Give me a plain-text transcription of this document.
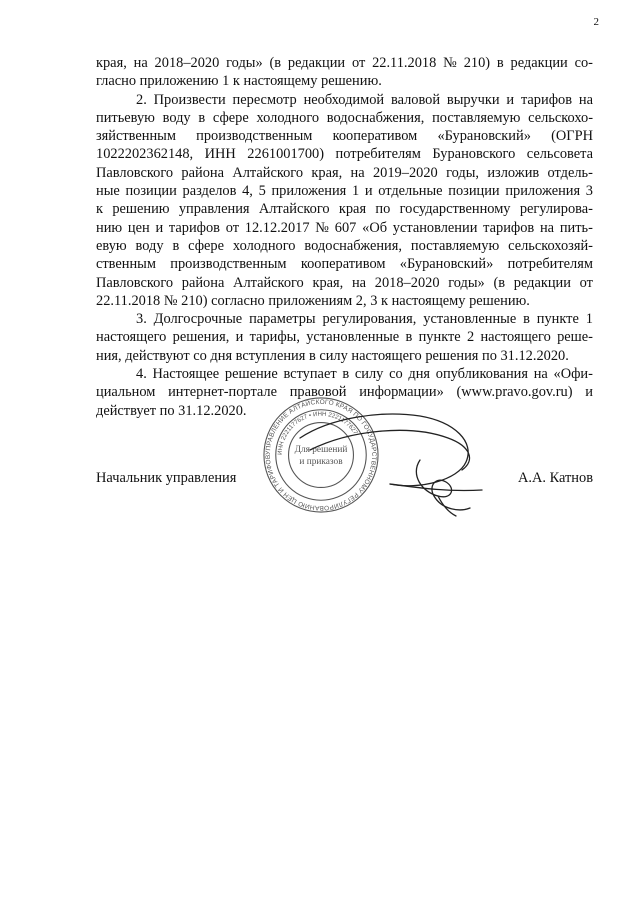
2
края, на 2018–2020 годы» (в редакции от 22.11.2018 № 210) в редакции со-
гласно приложению 1 к настоящему решению.
2. Произвести пересмотр необходимой валовой выручки и тарифов на
питьевую воду в сфере холодного водоснабжения, поставляемую сельскохо-
зяйственным производственным кооперативом «Бурановский» (ОГРН
1022202362148, ИНН 2261001700) потребителям Бурановского сельсовета
Павловского района Алтайского края, на 2019–2020 годы, изложив отдель-
ные позиции разделов 4, 5 приложения 1 и отдельные позиции приложения 3
к решению управления Алтайского края по государственному регулирова-
нию цен и тарифов от 12.12.2017 № 607 «Об установлении тарифов на пить-
евую воду в сфере холодного водоснабжения, поставляемую сельскохозяй-
ственным производственным кооперативом «Бурановский» потребителям
Павловского района Алтайского края, на 2018–2020 годы» (в редакции от
22.11.2018 № 210) согласно приложениям 2, 3 к настоящему решению.
3. Долгосрочные параметры регулирования, установленные в пункте 1
настоящего решения, и тарифы, установленные в пункте 2 настоящего реше-
ния, действуют со дня вступления в силу настоящего решения по 31.12.2020.
4. Настоящее решение вступает в силу со дня опубликования на «Офи-
циальном интернет-портале правовой информации» (www.pravo.gov.ru) и
действует по 31.12.2020.
УПРАВЛЕНИЕ АЛТАЙСКОГО КРАЯ ПО ГОСУДАРСТВЕННОМУ РЕГУЛИРОВАНИЮ ЦЕН И ТАРИФОВ
ИНН 2221177627 • ИНН 2221177627
Для решений
и приказов
Начальник управления	А.А. Катнов
